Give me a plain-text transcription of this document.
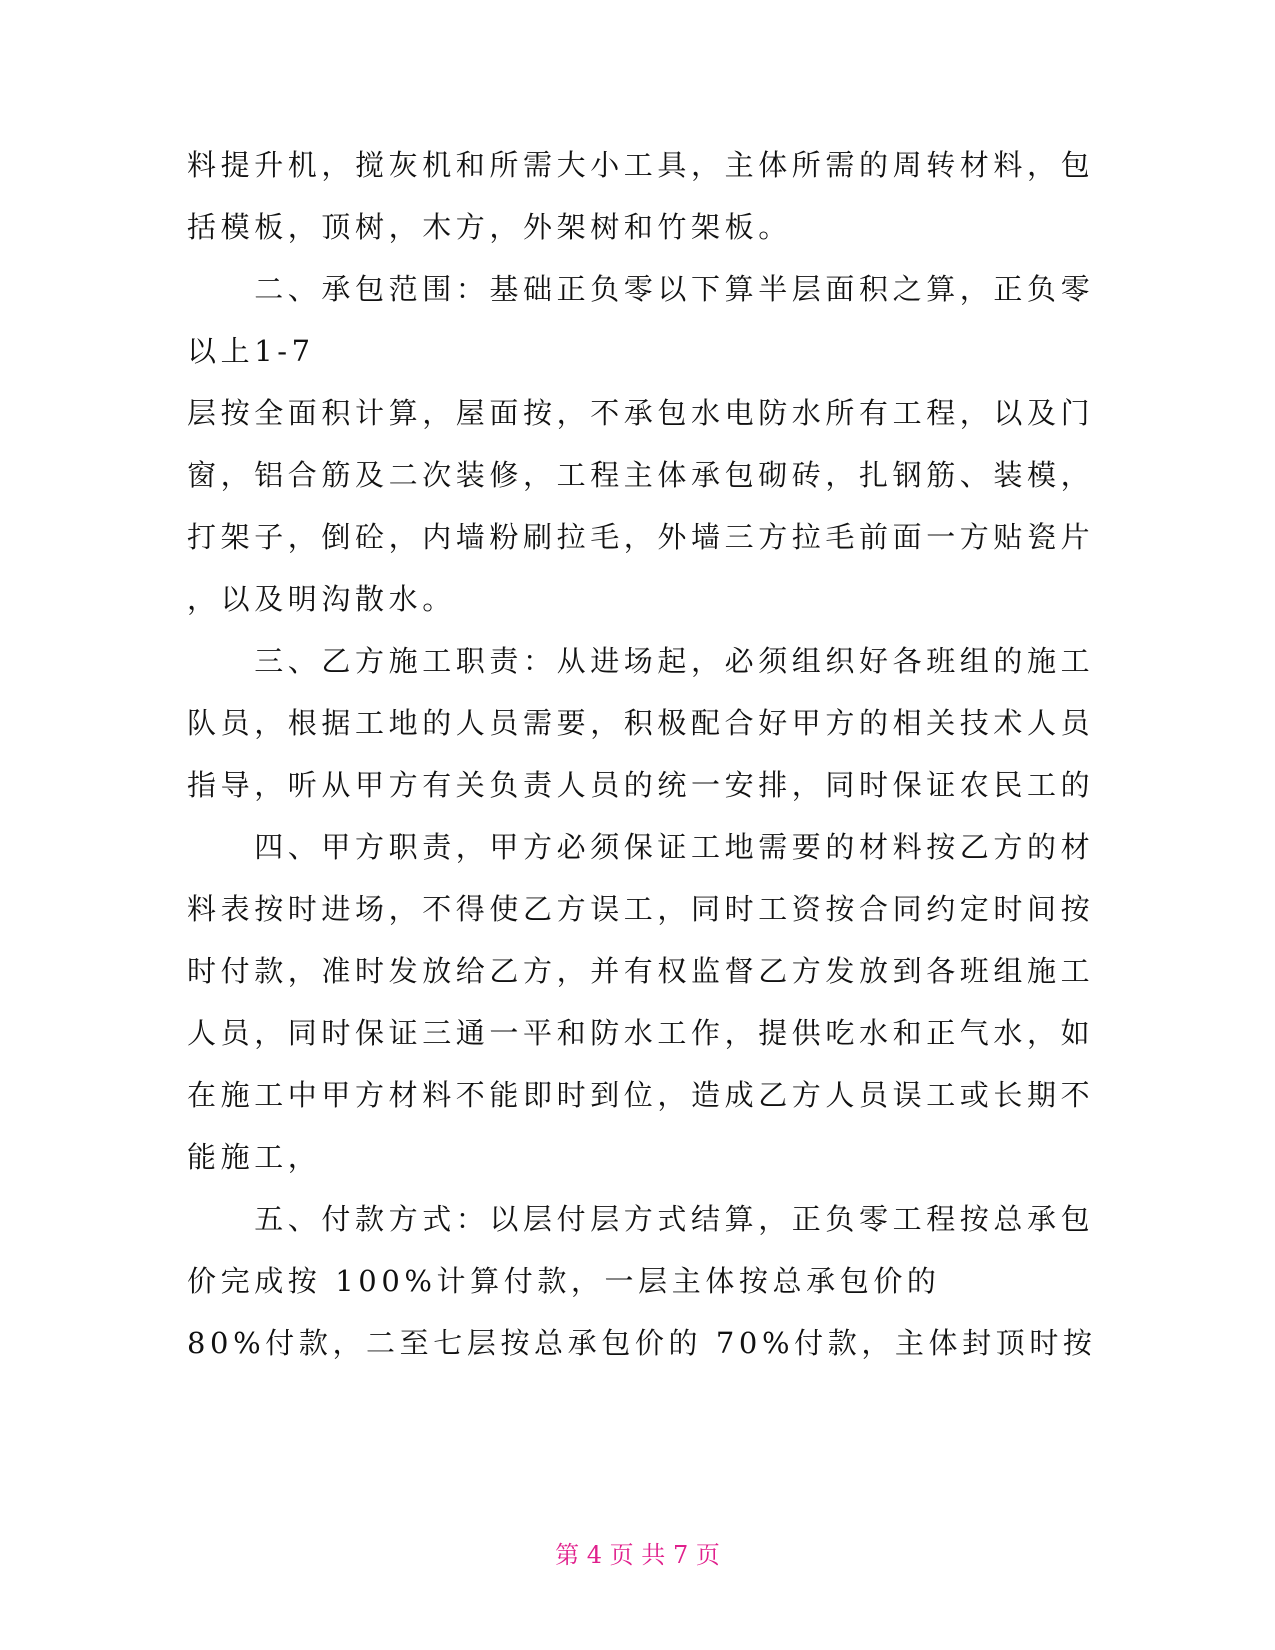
料提升机，搅灰机和所需大小工具，主体所需的周转材料，包
括模板，顶树，木方，外架树和竹架板。
　　二、承包范围：基础正负零以下算半层面积之算，正负零
以上1-7
层按全面积计算，屋面按，不承包水电防水所有工程，以及门
窗，铝合筋及二次装修，工程主体承包砌砖，扎钢筋、装模，
打架子，倒砼，内墙粉刷拉毛，外墙三方拉毛前面一方贴瓷片
，以及明沟散水。
　　三、乙方施工职责：从进场起，必须组织好各班组的施工
队员，根据工地的人员需要，积极配合好甲方的相关技术人员
指导，听从甲方有关负责人员的统一安排，同时保证农民工的
　　四、甲方职责，甲方必须保证工地需要的材料按乙方的材
料表按时进场，不得使乙方误工，同时工资按合同约定时间按
时付款，准时发放给乙方，并有权监督乙方发放到各班组施工
人员，同时保证三通一平和防水工作，提供吃水和正气水，如
在施工中甲方材料不能即时到位，造成乙方人员误工或长期不
能施工，
　　五、付款方式：以层付层方式结算，正负零工程按总承包
价完成按 100%计算付款，一层主体按总承包价的
80%付款，二至七层按总承包价的 70%付款，主体封顶时按
第 4 页 共 7 页
